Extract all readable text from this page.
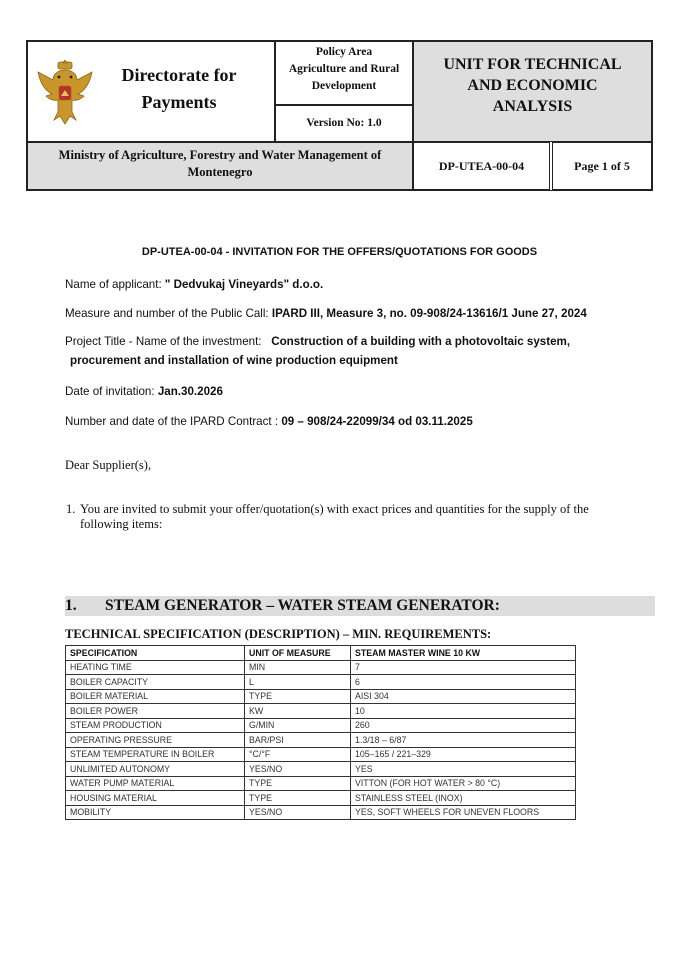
Directorate for Payments
Policy Area
Agriculture and Rural
Development
Version No: 1.0
UNIT FOR TECHNICAL
AND ECONOMIC
ANALYSIS
Ministry of Agriculture, Forestry and Water Management of
Montenegro	DP-UTEA-00-04	Page 1 of 5
DP-UTEA-00-04 - INVITATION FOR THE OFFERS/QUOTATIONS FOR GOODS
Name of applicant: " Dedvukaj Vineyards" d.o.o.
Measure and number of the Public Call: IPARD III, Measure 3, no. 09-908/24-13616/1 June 27, 2024
Project Title - Name of the investment:   Construction of a building with a photovoltaic system,
procurement and installation of wine production equipment
Date of invitation: Jan.30.2026
Number and date of the IPARD Contract : 09 – 908/24-22099/34 od 03.11.2025
Dear Supplier(s),
1. You are invited to submit your offer/quotation(s) with exact prices and quantities for the supply of the following items:
1. STEAM GENERATOR – WATER STEAM GENERATOR:
TECHNICAL SPECIFICATION (DESCRIPTION) – MIN. REQUIREMENTS:
SPECIFICATION	UNIT OF MEASURE	STEAM MASTER WINE 10 KW
HEATING TIME	MIN	7
BOILER CAPACITY	L	6
BOILER MATERIAL	TYPE	AISI 304
BOILER POWER	KW	10
STEAM PRODUCTION	G/MIN	260
OPERATING PRESSURE	BAR/PSI	1.3/18 – 6/87
STEAM TEMPERATURE IN BOILER	°C/°F	105–165 / 221–329
UNLIMITED AUTONOMY	YES/NO	YES
WATER PUMP MATERIAL	TYPE	VITTON (FOR HOT WATER > 80 °C)
HOUSING MATERIAL	TYPE	STAINLESS STEEL (INOX)
MOBILITY	YES/NO	YES, SOFT WHEELS FOR UNEVEN FLOORS
